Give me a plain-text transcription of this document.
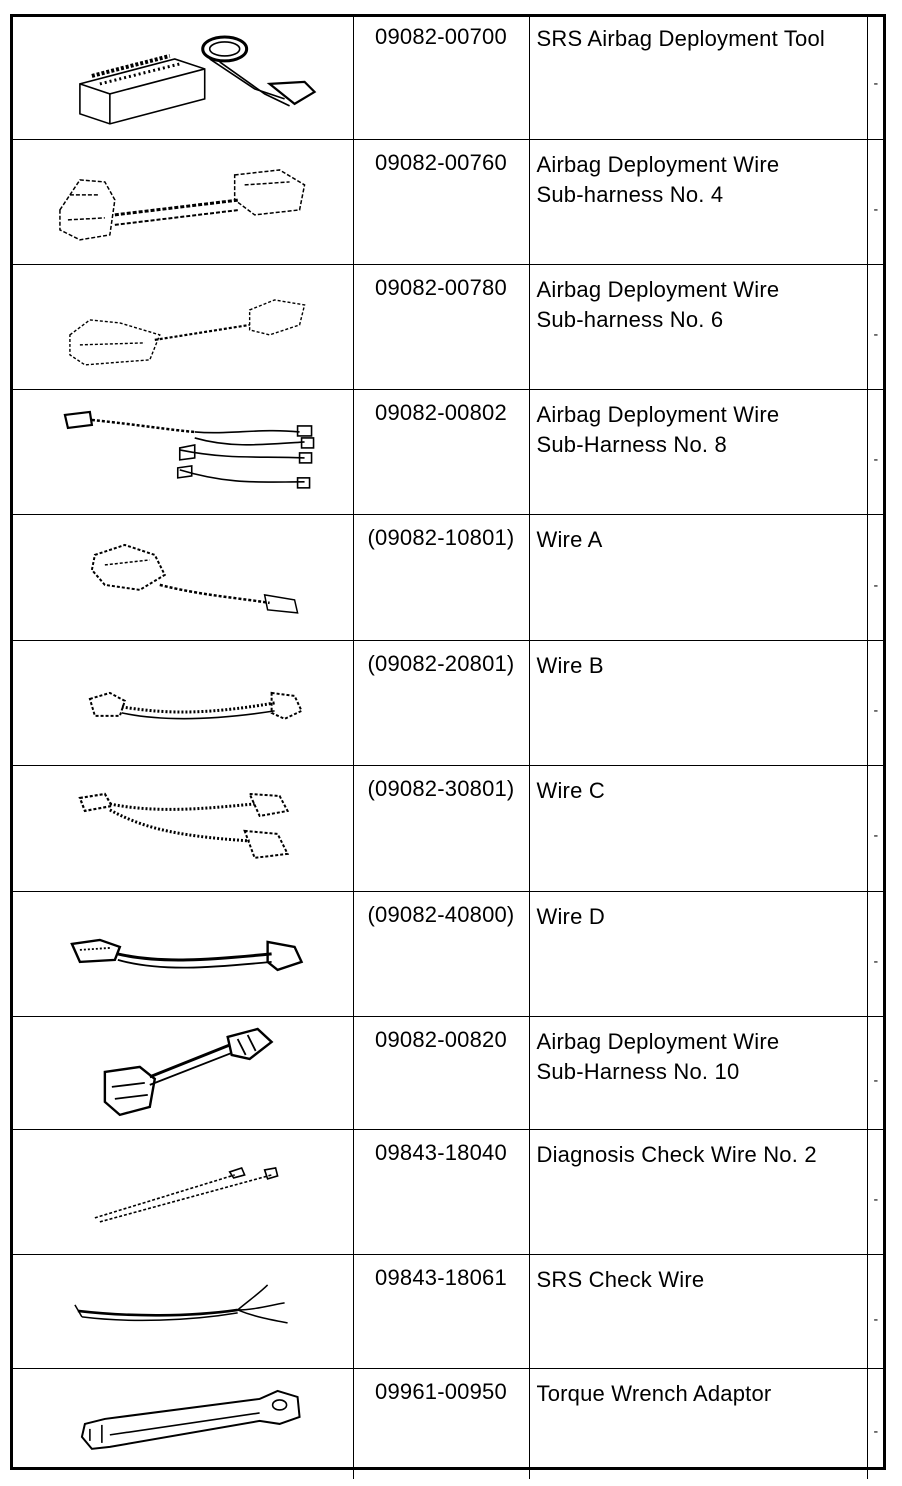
	09082-00700	SRS Airbag Deployment Tool	-

	09082-00760	Airbag Deployment Wire
Sub-harness No. 4	-

	09082-00780	Airbag Deployment Wire
Sub-harness No. 6	-

	09082-00802	Airbag Deployment Wire
Sub-Harness No. 8	-

	(09082-10801)	Wire A	-

	(09082-20801)	Wire B	-

	(09082-30801)	Wire C	-

	(09082-40800)	Wire D	-

	09082-00820	Airbag Deployment Wire
Sub-Harness No. 10	-

	09843-18040	Diagnosis Check Wire No. 2	-

	09843-18061	SRS Check Wire	-

	09961-00950	Torque Wrench Adaptor	-
